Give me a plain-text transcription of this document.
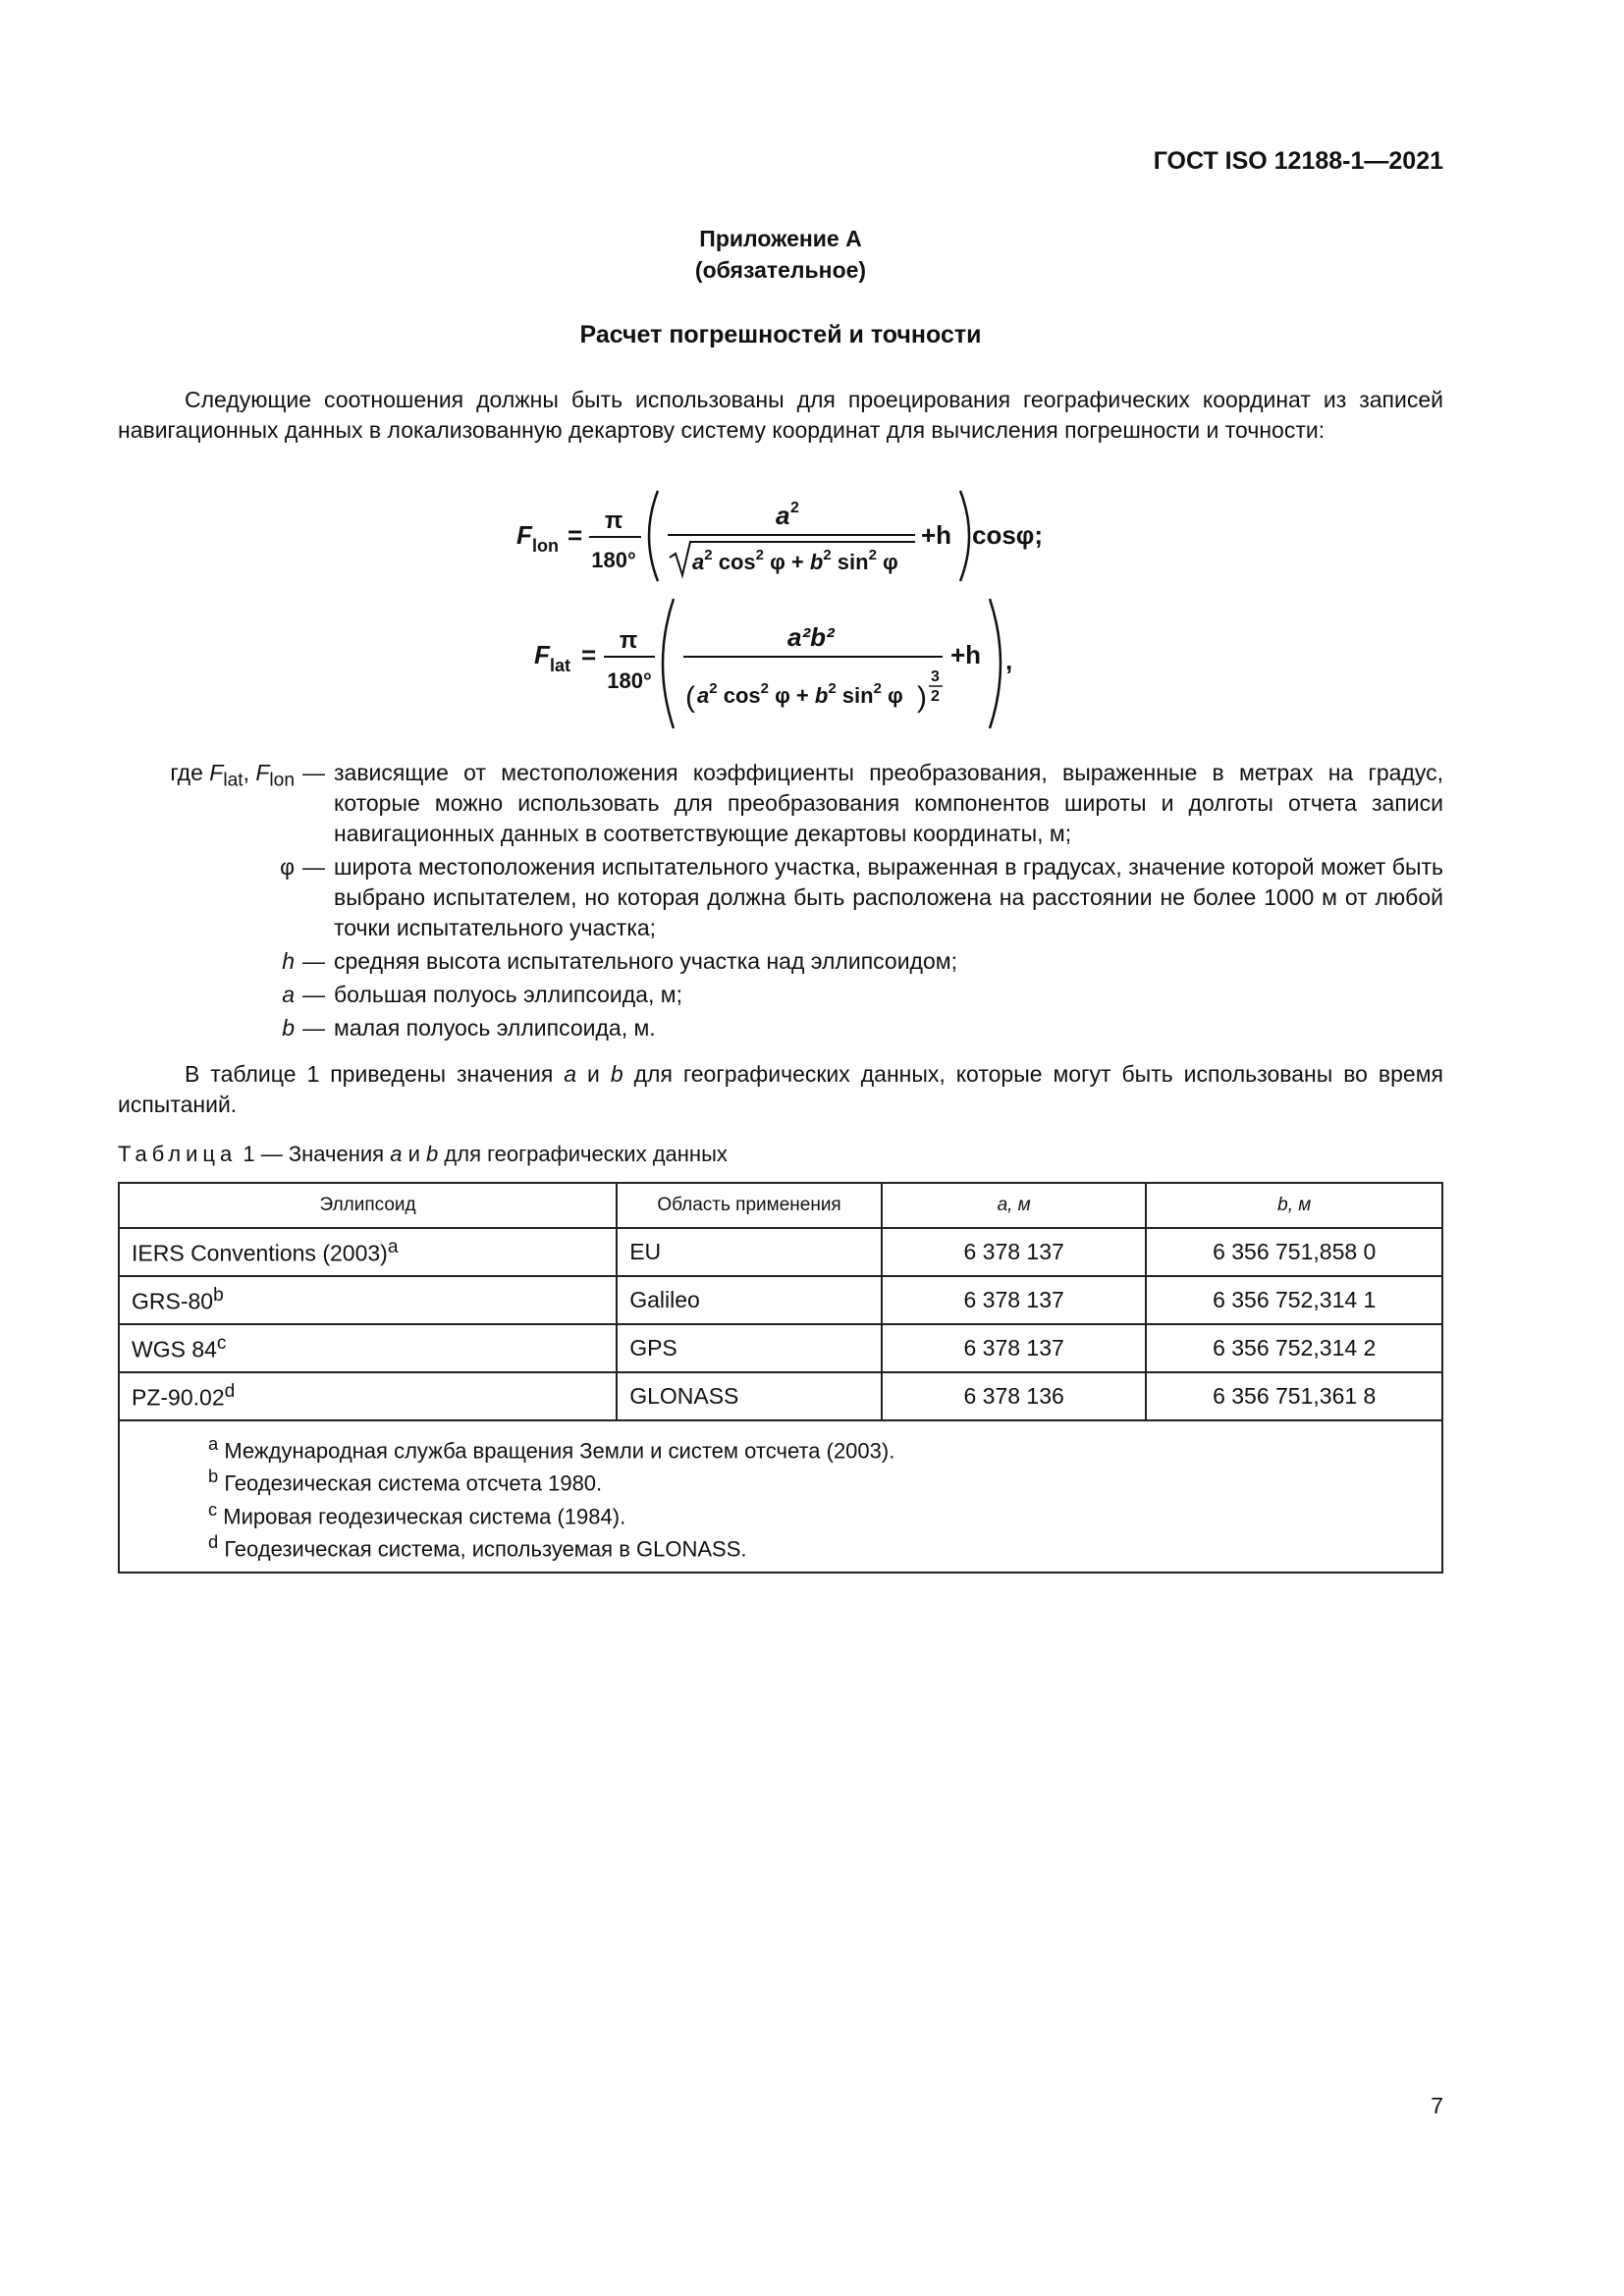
ГОСТ ISO 12188-1—2021
Приложение А
(обязательное)
Расчет погрешностей и точности
Следующие соотношения должны быть использованы для проецирования географических координат из записей навигационных данных в локализованную декартову систему координат для вычисления погрешности и точности:
F lon = π
180°
a 2
$a^2$ $\cos^2 \varphi + b^2$ $\sin^2 \varphi$
+h cosφ;
F lat = π
180°
a²b²
( $a^2$ $\cos^2 \varphi + b^2$ $\sin^2 \varphi$ )
3
2
+h ,
где $F_{lat}$, $F_{lon}$ — зависящие от местоположения коэффициенты преобразования, выраженные в метрах на градус, которые можно использовать для преобразования компонентов широты и долготы отчета записи навигационных данных в соответствующие декартовы координаты, м;
φ — широта местоположения испытательного участка, выраженная в градусах, значение которой может быть выбрано испытателем, но которая должна быть расположена на расстоянии не более 1000 м от любой точки испытательного участка;
h — средняя высота испытательного участка над эллипсоидом;
a — большая полуось эллипсоида, м;
b — малая полуось эллипсоида, м.
В таблице 1 приведены значения a и b для географических данных, которые могут быть использованы во время испытаний.
Таблица 1 — Значения a и b для географических данных
Эллипсоид	Область применения	a, м	b, м
IERS Conventions $(2003)^a$	EU	6 378 137	6 356 751,858 0
GRS-80$^b$	Galileo	6 378 137	6 356 752,314 1
WGS 84$^c$	GPS	6 378 137	6 356 752,314 2
PZ-90.02$^d$	GLONASS	6 378 136	6 356 751,361 8

$^a$ Международная служба вращения Земли и систем отсчета (2003).
$^b$ Геодезическая система отсчета 1980.
$^c$ Мировая геодезическая система (1984).
$^d$ Геодезическая система, используемая в GLONASS.			
7
